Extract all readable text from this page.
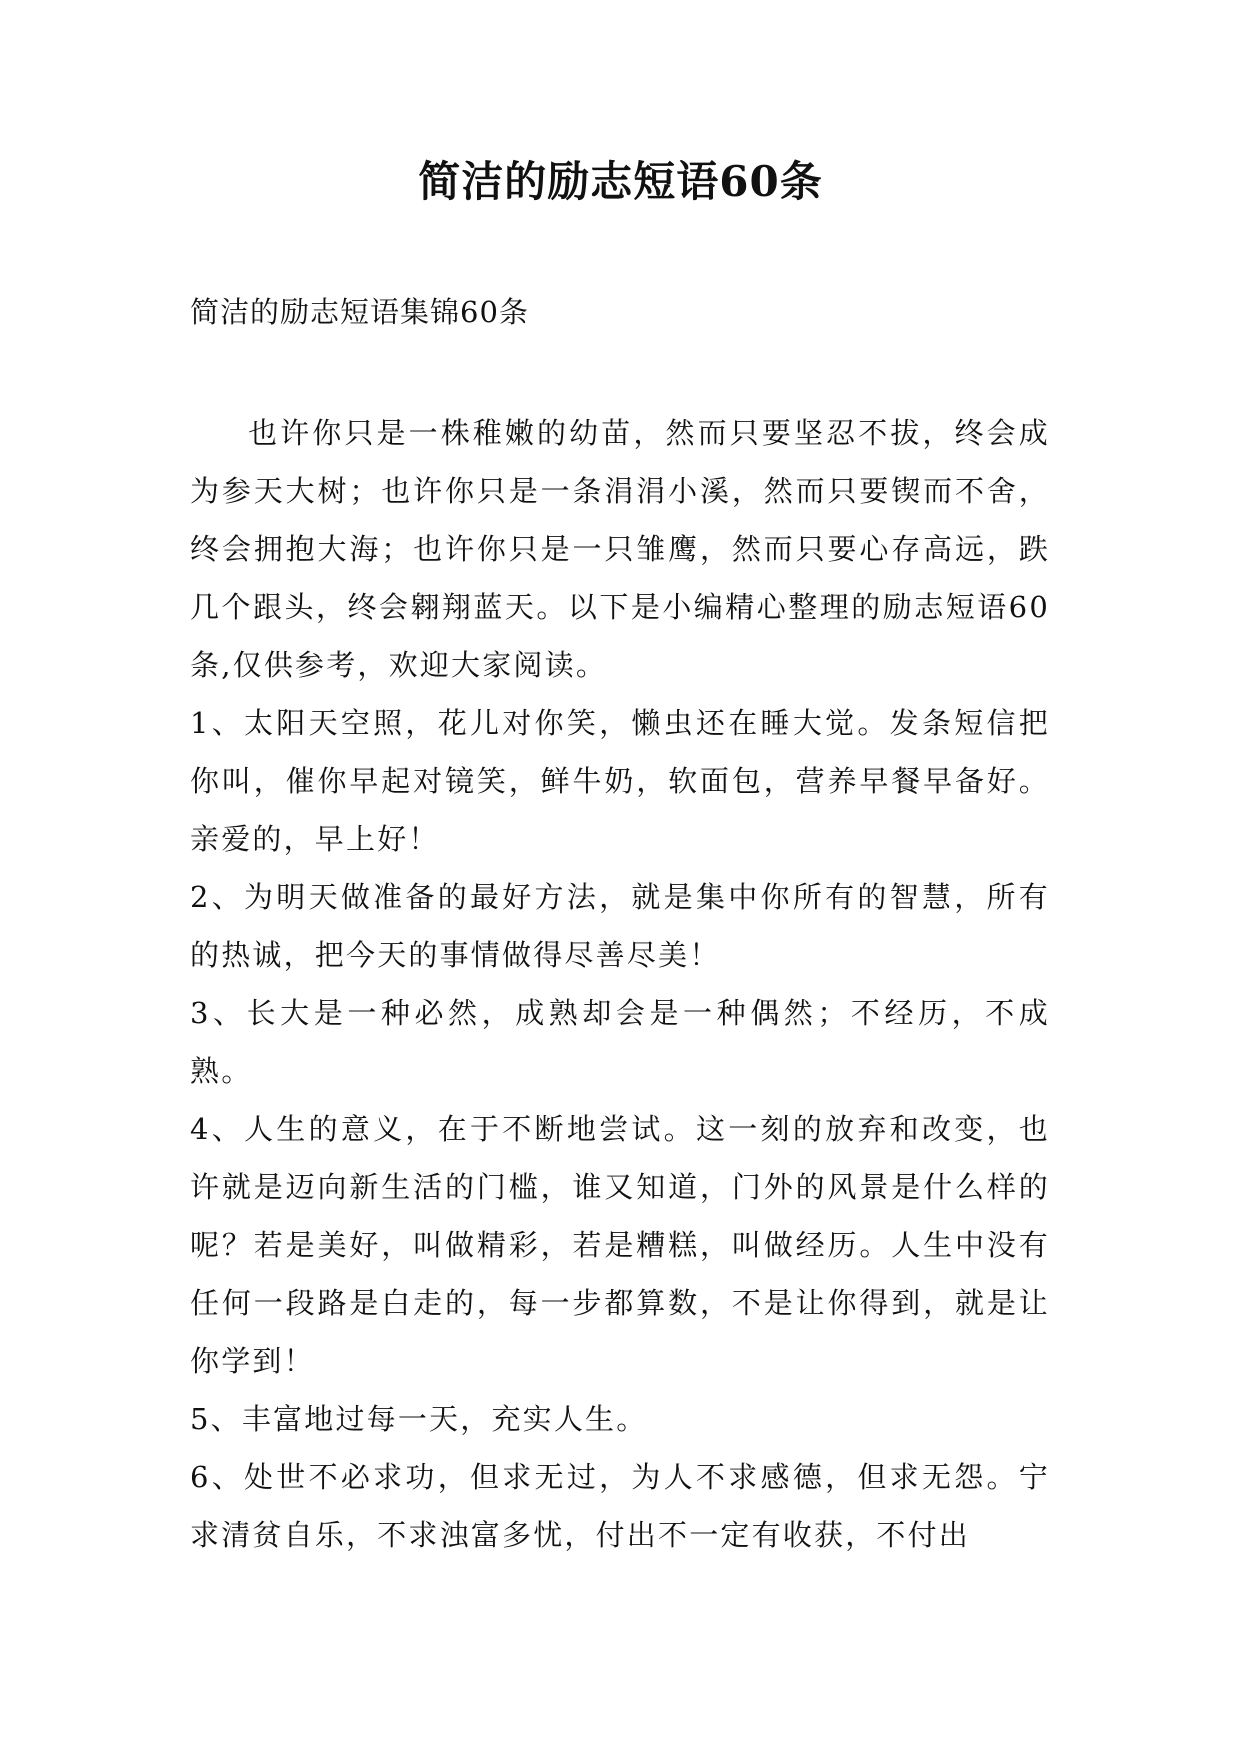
简洁的励志短语60条

简洁的励志短语集锦60条

也许你只是一株稚嫩的幼苗，然而只要坚忍不拔，终会成为参天大树；也许你只是一条涓涓小溪，然而只要锲而不舍，终会拥抱大海；也许你只是一只雏鹰，然而只要心存高远，跌几个跟头，终会翱翔蓝天。以下是小编精心整理的励志短语60条,仅供参考，欢迎大家阅读。

1、太阳天空照，花儿对你笑，懒虫还在睡大觉。发条短信把你叫，催你早起对镜笑，鲜牛奶，软面包，营养早餐早备好。亲爱的，早上好！

2、为明天做准备的最好方法，就是集中你所有的智慧，所有的热诚，把今天的事情做得尽善尽美！

3、长大是一种必然，成熟却会是一种偶然；不经历，不成熟。

4、人生的意义，在于不断地尝试。这一刻的放弃和改变，也许就是迈向新生活的门槛，谁又知道，门外的风景是什么样的呢？若是美好，叫做精彩，若是糟糕，叫做经历。人生中没有任何一段路是白走的，每一步都算数，不是让你得到，就是让你学到！

5、丰富地过每一天，充实人生。

6、处世不必求功，但求无过，为人不求感德，但求无怨。宁求清贫自乐，不求浊富多忧，付出不一定有收获，不付出
